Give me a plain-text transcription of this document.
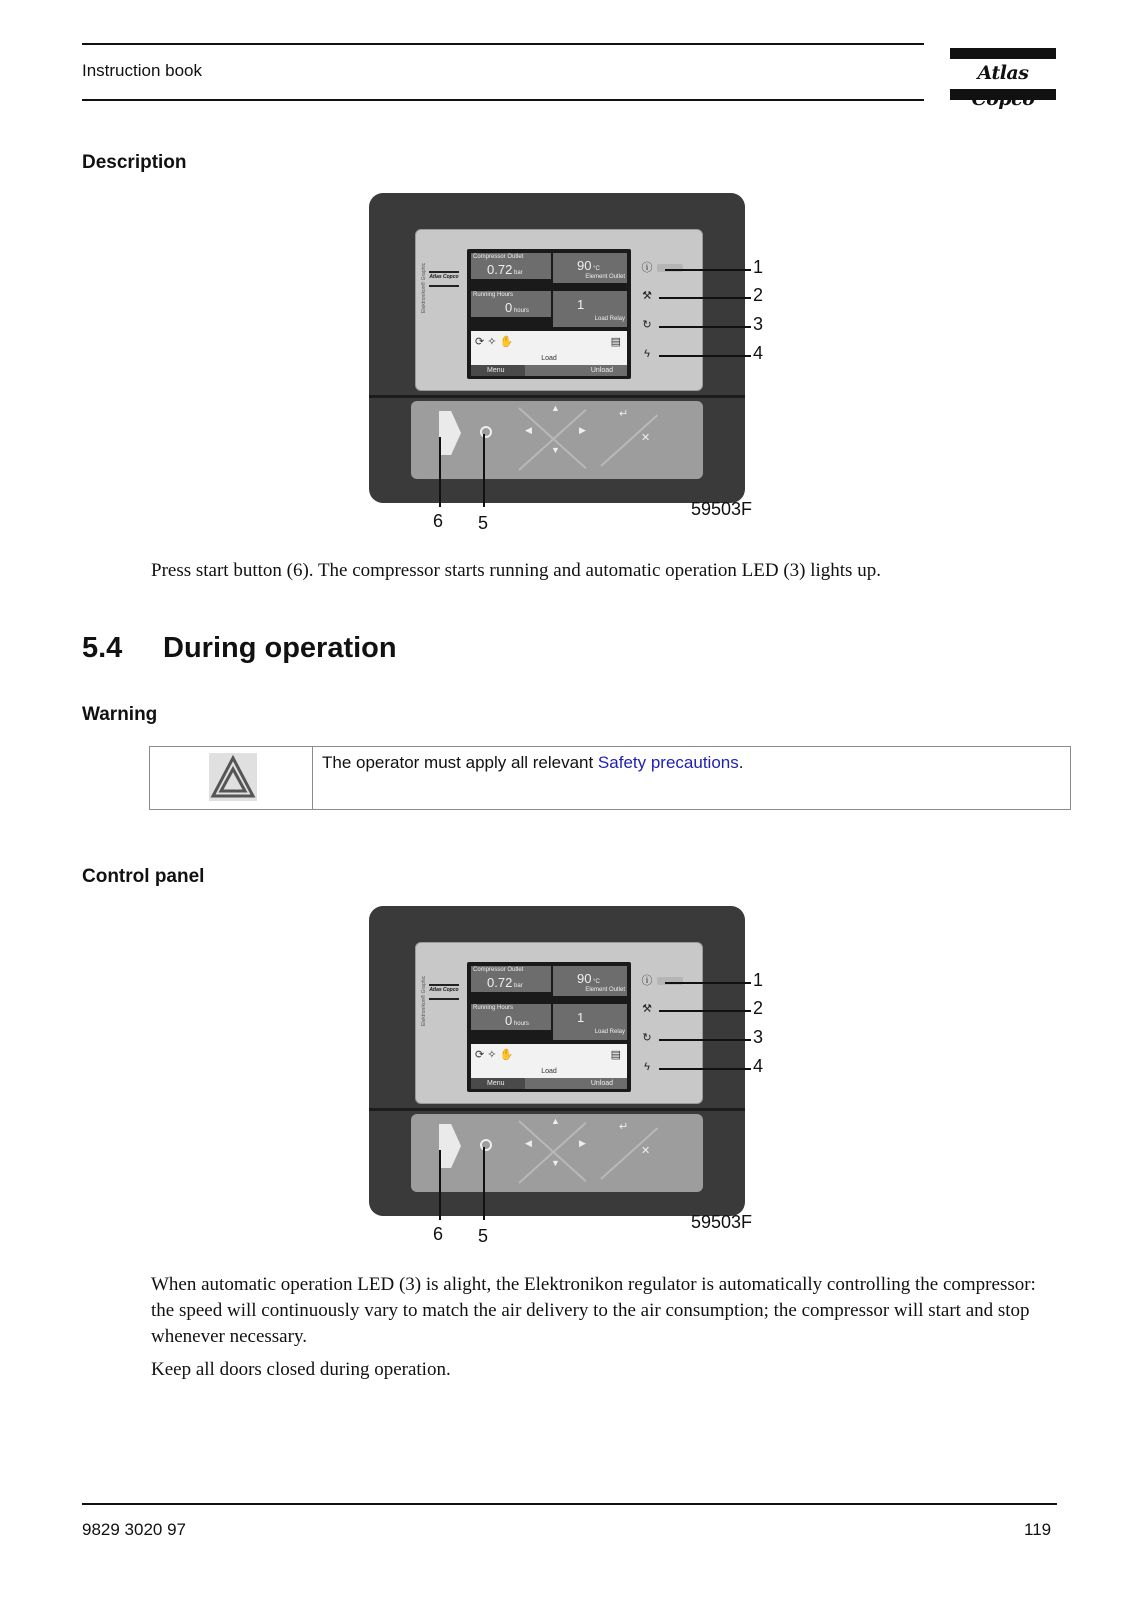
Instruction book	Atlas
Description
Atlas Copco
Elektronikon® Graphic
Compressor Outlet
0.72 bar	90 °C
Element Outlet
Running Hours
0 hours	1
Load Relay
⟳ ✧ ✋	▤
Load
Menu	Unload
ⓘ
⚒
↻
ϟ
1
2
3
4
▲
◀	▶
▼
↵
✕
6 5
59503F
Press start button (6). The compressor starts running and automatic operation LED (3) lights up.
5.4 During operation
Warning
The operator must apply all relevant Safety precautions.
Control panel
Atlas Copco
Elektronikon® Graphic
Compressor Outlet
0.72 bar	90 °C
Element Outlet
Running Hours
0 hours	1
Load Relay
⟳ ✧ ✋	▤
Load
Menu	Unload
ⓘ
⚒
↻
ϟ
1
2
3
4
▲
◀	▶
▼
↵
✕
6 5
59503F
When automatic operation LED (3) is alight, the Elektronikon regulator is automatically controlling the compressor: the speed will continuously vary to match the air delivery to the air consumption; the compressor will start and stop whenever necessary.
Keep all doors closed during operation.
9829 3020 97	119
